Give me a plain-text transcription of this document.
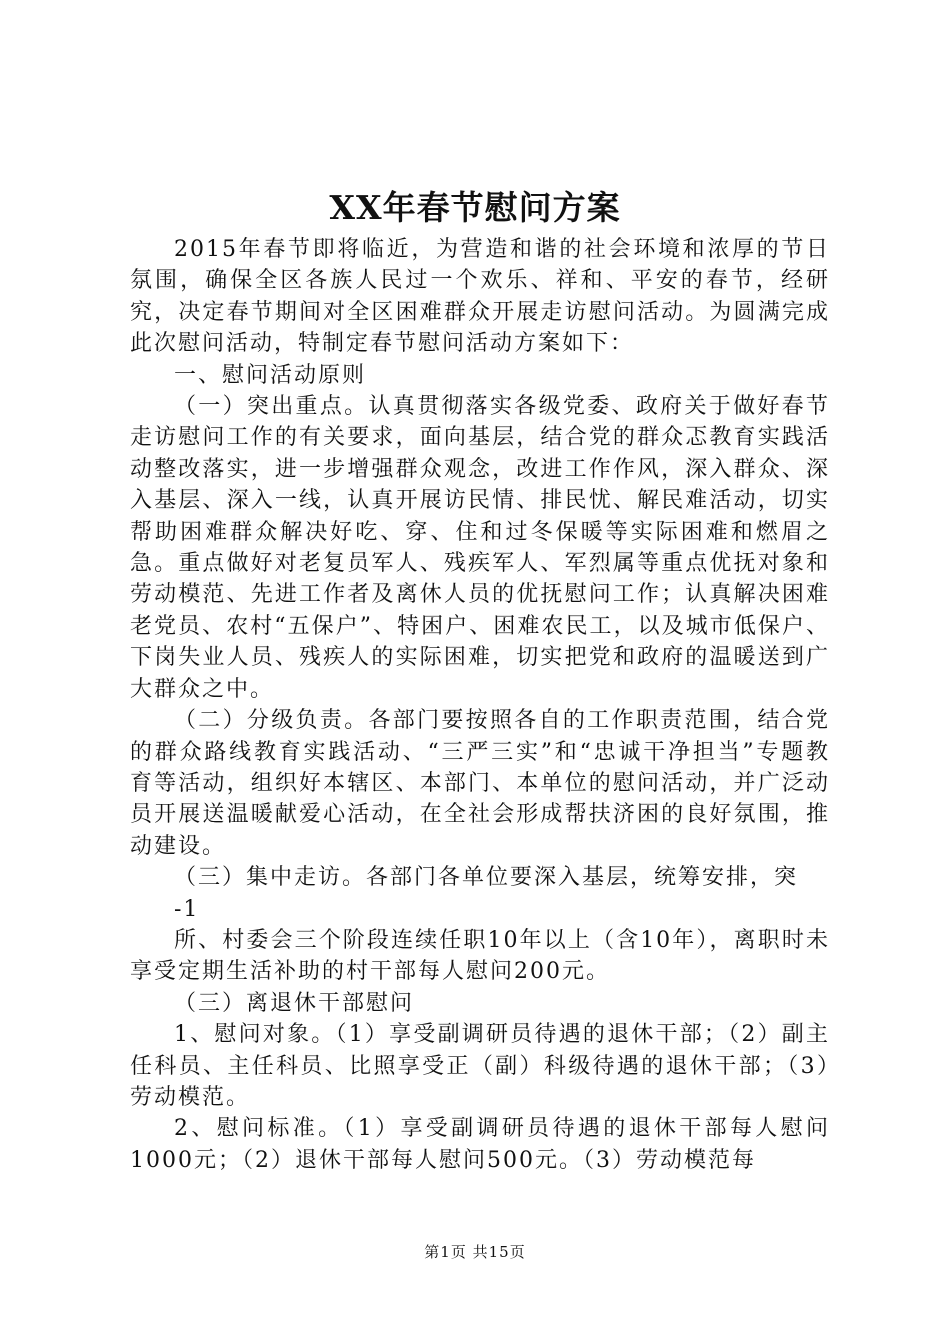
XX年春节慰问方案

2015年春节即将临近，为营造和谐的社会环境和浓厚的节日氛围，确保全区各族人民过一个欢乐、祥和、平安的春节，经研究，决定春节期间对全区困难群众开展走访慰问活动。为圆满完成此次慰问活动，特制定春节慰问活动方案如下：

一、慰问活动原则

（一）突出重点。认真贯彻落实各级党委、政府关于做好春节走访慰问工作的有关要求，面向基层，结合党的群众忑教育实践活动整改落实，进一步增强群众观念，改进工作作风，深入群众、深入基层、深入一线，认真开展访民情、排民忧、解民难活动，切实帮助困难群众解决好吃、穿、住和过冬保暖等实际困难和燃眉之急。重点做好对老复员军人、残疾军人、军烈属等重点优抚对象和劳动模范、先进工作者及离休人员的优抚慰问工作；认真解决困难老党员、农村“五保户”、特困户、困难农民工，以及城市低保户、下岗失业人员、残疾人的实际困难，切实把党和政府的温暖送到广大群众之中。

（二）分级负责。各部门要按照各自的工作职责范围，结合党的群众路线教育实践活动、“三严三实”和“忠诚干净担当”专题教育等活动，组织好本辖区、本部门、本单位的慰问活动，并广泛动员开展送温暖献爱心活动，在全社会形成帮扶济困的良好氛围，推动建设。

（三）集中走访。各部门各单位要深入基层，统筹安排，突

-1

所、村委会三个阶段连续任职10年以上（含10年），离职时未享受定期生活补助的村干部每人慰问200元。

（三）离退休干部慰问

1、慰问对象。（1）享受副调研员待遇的退休干部；（2）副主任科员、主任科员、比照享受正（副）科级待遇的退休干部；（3）劳动模范。

2、慰问标准。（1）享受副调研员待遇的退休干部每人慰问1000元；（2）退休干部每人慰问500元。（3）劳动模范每

第1页 共15页
